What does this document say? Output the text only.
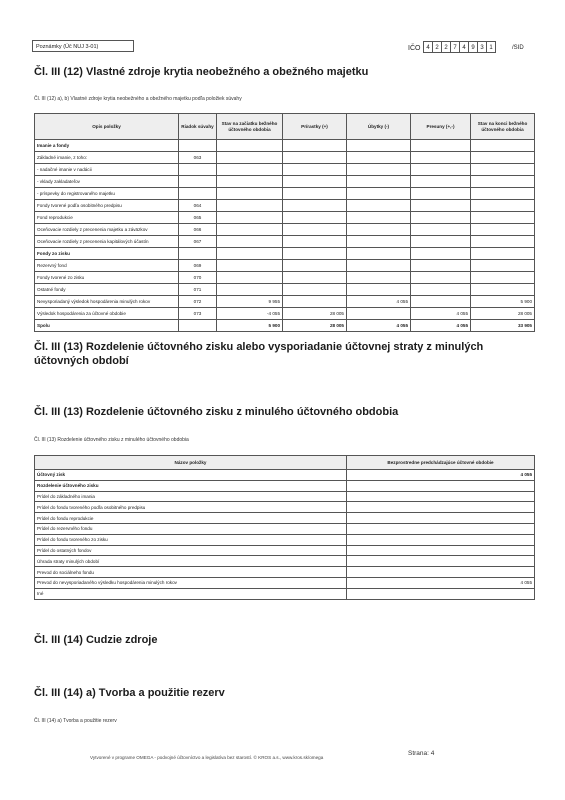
Poznámky (Úč NUJ 3-01)	IČO 4 2 2 7 4 9 3 1	/SID
Čl. III (12) Vlastné zdroje krytia neobežného a obežného majetku
Čl. III (12) a), b) Vlastné zdroje krytia neobežného a obežného majetku podľa položiek súvahy
Opis položky	Riadok súvahy	Stav na začiatku bežného účtovného obdobia	Prírastky (+)	Úbytky (-)	Presuny (+,-)	Stav na konci bežného účtovného obdobia
Imanie a fondy						
Základné imanie, z toho:	063					
- nadačné imanie v nadácii						
- vklady zakladateľov						
- príspevky do registrovaného majetku						
Fondy tvorené podľa osobitného predpisu	064					
Fond reprodukcie	065					
Oceňovacie rozdiely z precenenia majetku a záväzkov	066					
Oceňovacie rozdiely z precenenia kapitálových účastín	067					
Fondy zo zisku						
Rezervný fond	069					
Fondy tvorené zo zisku	070					
Ostatné fondy	071					
Nevysporiadaný výsledok hospodárenia minulých rokov	072	9 955		4 055		5 900
Výsledok hospodárenia za účtovné obdobie	073	-4 055	28 005		4 055	28 005
Spolu		5 900	28 005	4 055	4 055	33 905
Čl. III (13) Rozdelenie účtovného zisku alebo vysporiadanie účtovnej straty z minulých účtovných období
Čl. III (13) Rozdelenie účtovného zisku z minulého účtovného obdobia
Čl. III (13) Rozdelenie účtovného zisku z minulého účtovného obdobia
Názov položky	Bezprostredne predchádzajúce účtovné obdobie
Účtovný zisk	4 055
Rozdelenie účtovného zisku	
Prídel do základného imania	
Prídel do fondu tvoreného podľa osobitného predpisu	
Prídel do fondu reprodukcie	
Prídel do rezervného fondu	
Prídel do fondu tvoreného zo zisku	
Prídel do ostatných fondov	
Úhrada straty minulých období	
Prevod do sociálneho fondu	
Prevod do nevysporiadaného výsledku hospodárenia minulých rokov	4 055
Iné	
Čl. III (14) Cudzie zdroje
Čl. III (14) a) Tvorba a použitie rezerv
Čl. III (14) a) Tvorba a použitie rezerv
Vytvorené v programe OMEGA - podvojné účtovníctvo a legislatíva bez starostí. © KROS a.s., www.kros.sk/omega
Strana: 4
